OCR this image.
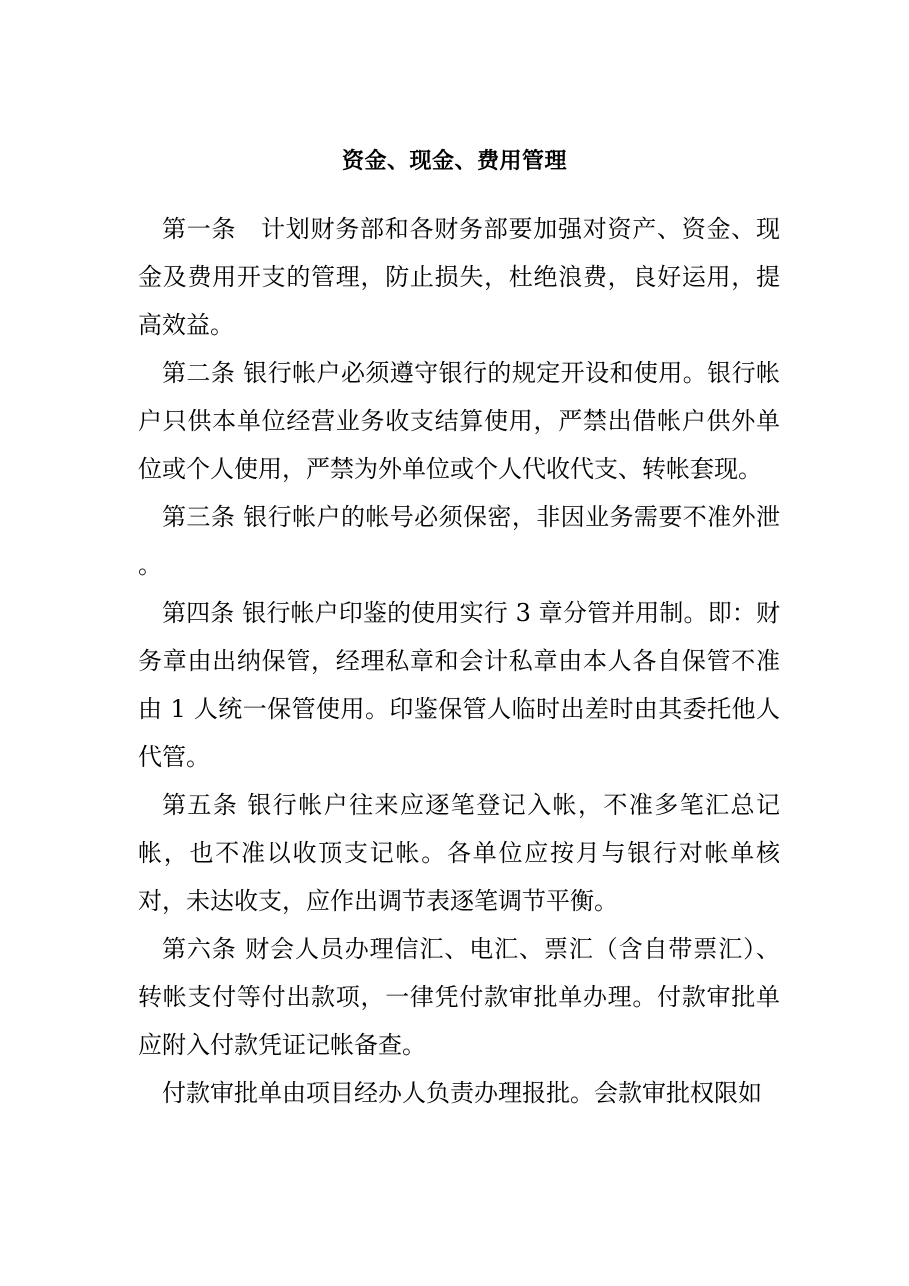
资金、现金、费用管理

第一条　计划财务部和各财务部要加强对资产、资金、现金及费用开支的管理，防止损失，杜绝浪费，良好运用，提高效益。

第二条 银行帐户必须遵守银行的规定开设和使用。银行帐户只供本单位经营业务收支结算使用，严禁出借帐户供外单位或个人使用，严禁为外单位或个人代收代支、转帐套现。

第三条 银行帐户的帐号必须保密，非因业务需要不准外泄 。

第四条 银行帐户印鉴的使用实行 3 章分管并用制。即：财务章由出纳保管，经理私章和会计私章由本人各自保管不准由 1 人统一保管使用。印鉴保管人临时出差时由其委托他人代管。

第五条 银行帐户往来应逐笔登记入帐，不准多笔汇总记帐，也不准以收顶支记帐。各单位应按月与银行对帐单核对，未达收支，应作出调节表逐笔调节平衡。

第六条 财会人员办理信汇、电汇、票汇（含自带票汇）、转帐支付等付出款项，一律凭付款审批单办理。付款审批单应附入付款凭证记帐备查。

付款审批单由项目经办人负责办理报批。会款审批权限如
